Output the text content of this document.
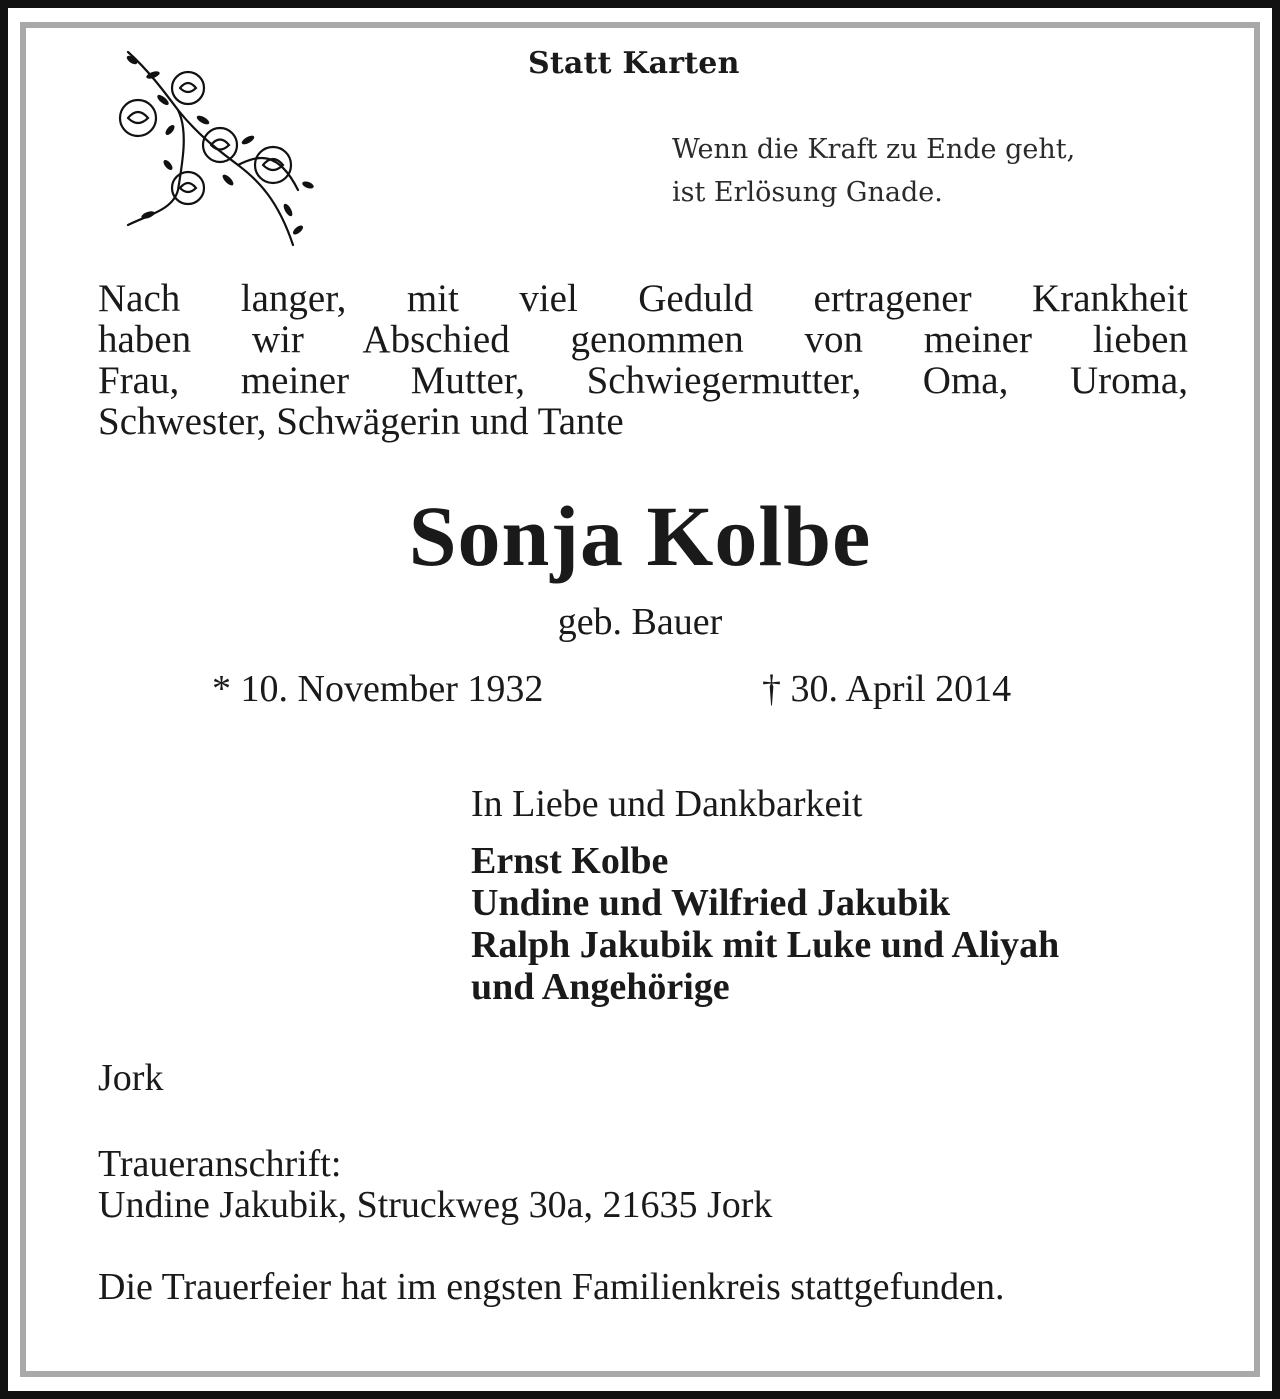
Statt Karten

Wenn die Kraft zu Ende geht,
ist Erlösung Gnade.
Nach langer, mit viel Geduld ertragener Krankheit
haben wir Abschied genommen von meiner lieben
Frau, meiner Mutter, Schwiegermutter, Oma, Uroma,
Schwester, Schwägerin und Tante
Sonja Kolbe

geb. Bauer

* 10. November 1932	† 30. April 2014

In Liebe und Dankbarkeit

Ernst Kolbe
Undine und Wilfried Jakubik
Ralph Jakubik mit Luke und Aliyah
und Angehörige

Jork

Traueranschrift:

Undine Jakubik, Struckweg 30a, 21635 Jork

Die Trauerfeier hat im engsten Familienkreis stattgefunden.
